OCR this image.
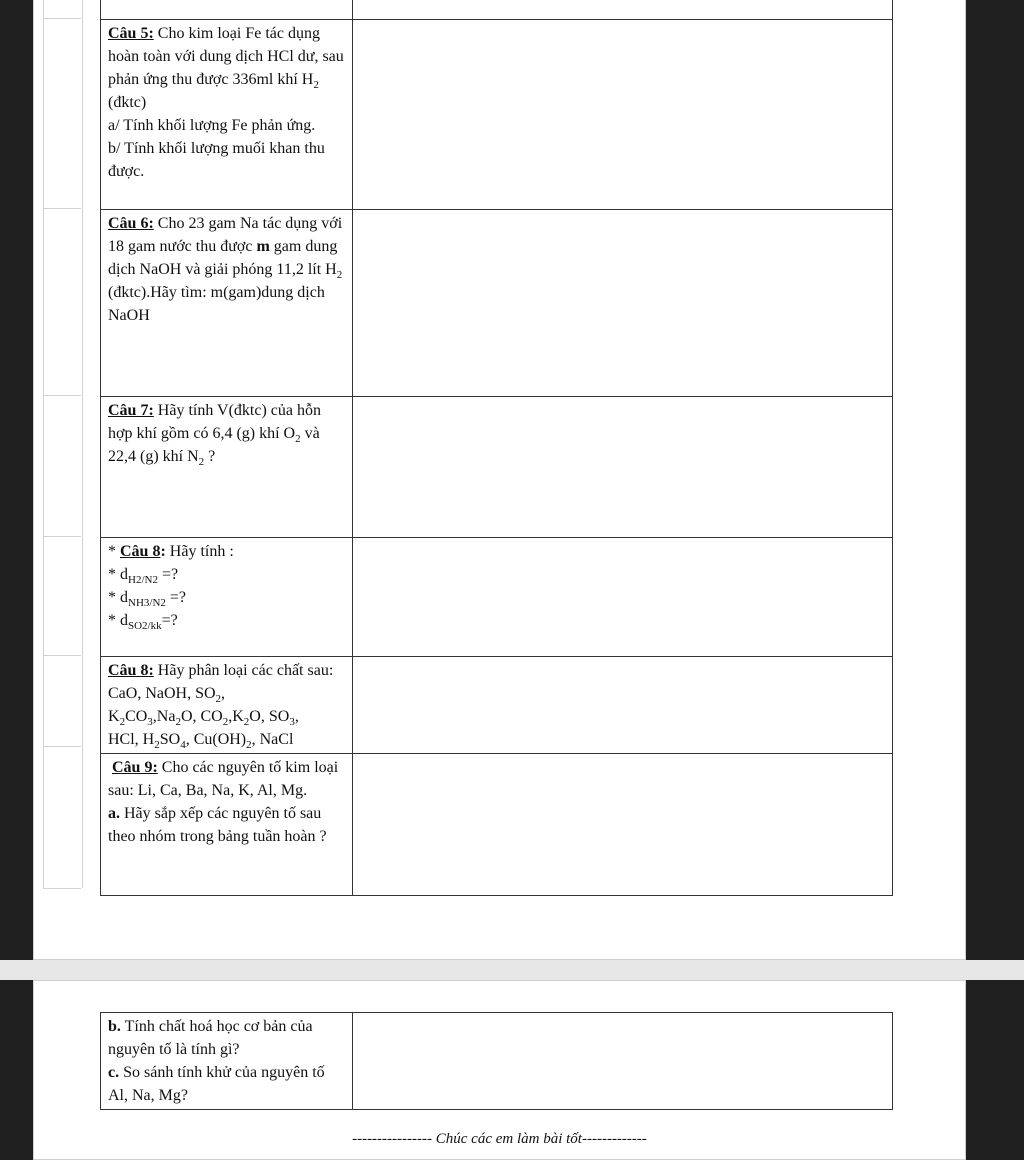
Câu 5: Cho kim loại Fe tác dụng hoàn toàn với dung dịch HCl dư, sau phản ứng thu được 336ml khí $H_2$ (đktc)
a/ Tính khối lượng Fe phản ứng.
b/ Tính khối lượng muối khan thu được.	
Câu 6: Cho 23 gam Na tác dụng với 18 gam nước thu được m gam dung dịch NaOH và giải phóng 11,2 lít $H_2$ (đktc).Hãy tìm: m(gam)dung dịch NaOH	
Câu 7: Hãy tính V(đktc) của hỗn hợp khí gồm có 6,4 (g) khí $O_2$ và 22,4 (g) khí $N_2$ ?	
* Câu 8: Hãy tính :
* $d_{H2/N2}$ =?
* $d_{NH3/N2}$ =?
* $d_{SO2/kk}=$?	
Câu 8: Hãy phân loại các chất sau: CaO, NaOH, $SO_2$,
$K_2CO_3,Na_2O$, $CO_2,K_2O$, $SO_3$,
HCl, $H_2SO_4$, $Cu(OH)_2$, NaCl	
Câu 9: Cho các nguyên tố kim loại sau: Li, Ca, Ba, Na, K, Al, Mg.
a. Hãy sắp xếp các nguyên tố sau theo nhóm trong bảng tuần hoàn ?	
---------------- Chúc các em làm bài tốt-------------
b. Tính chất hoá học cơ bản của nguyên tố là tính gì?
c. So sánh tính khử của nguyên tố Al, Na, Mg?	
